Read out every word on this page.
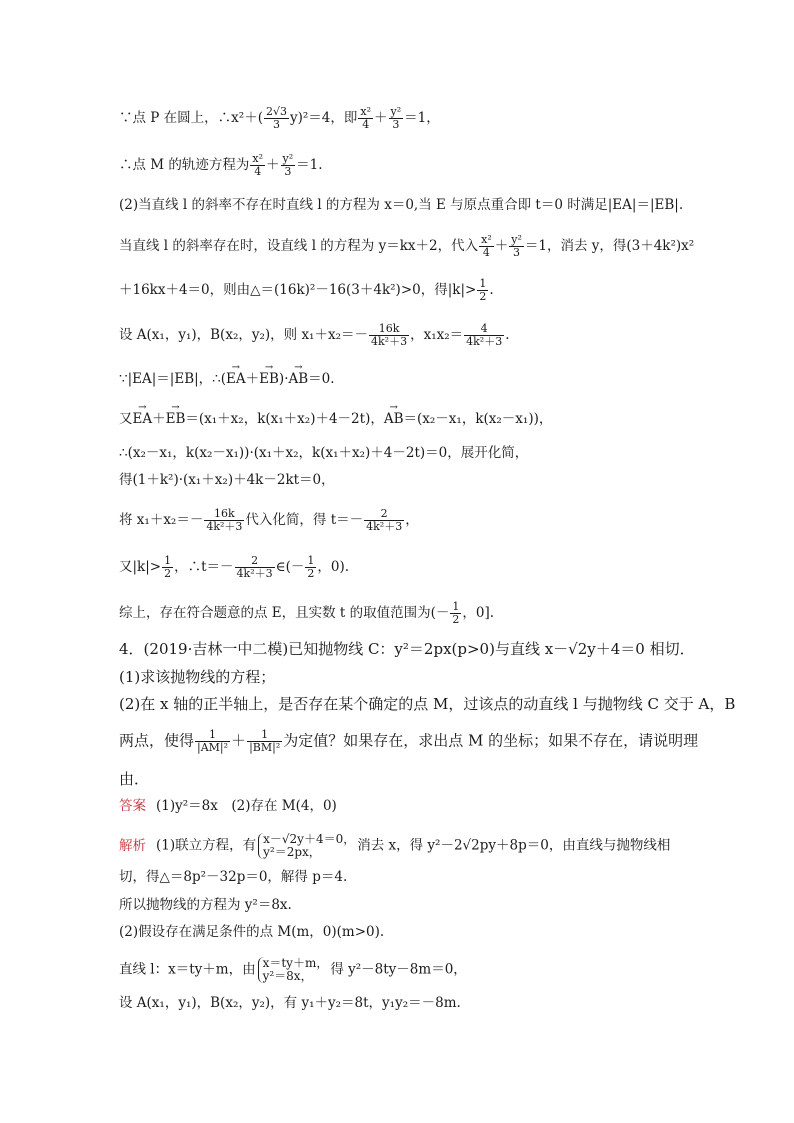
∵点 P 在圆上，∴x²＋( $\frac{2√3}{3} y)^2=4$，即 $\frac{\text{x²}}{4} + \frac{\text{y²}}{3} =1$，
∴点 M 的轨迹方程为 $\frac{\text{x²}}{4} + \frac{\text{y²}}{3} =1$.
(2)当直线 l 的斜率不存在时直线 l 的方程为 x＝0,当 E 与原点重合即 t＝0 时满足|EA|＝|EB|.
当直线 l 的斜率存在时，设直线 l 的方程为 y＝kx＋2，代入 $\frac{\text{x²}}{4} + \frac{\text{y²}}{3} =1$，消去 y，得(3＋4k²)x²
＋16kx＋4＝0，则由△＝(16k)²－16(3＋4k²)>0，得$|k|> \frac{1}{2}$ .
设 A(x₁，y₁)，B(x₂，y₂)，则 $x_1+x_2=- \frac{16k}{\text{4k²＋3}}$ ，$x_1x_2= \frac{4}{\text{4k²＋3}}$ .
∵|EA|＝|EB|，∴(→ EA＋→ EB)·→ AB＝0.
又→ EA＋→ EB＝(x₁＋x₂，k(x₁＋x₂)＋4－2t)，→ AB＝(x₂－x₁，k(x₂－x₁))，
∴(x₂－x₁，k(x₂－x₁))·(x₁＋x₂，k(x₁＋x₂)＋4－2t)＝0，展开化简，
得(1＋k²)·(x₁＋x₂)＋4k－2kt＝0，
将 $x_1+x_2=- \frac{16k}{\text{4k²＋3}}$ 代入化简，得 $t=- \frac{2}{\text{4k²＋3}}$ ，
又$|k|> \frac{1}{2}$ ，∴t＝－ $\frac{2}{\text{4k²＋3}}$ ∈(－ $\frac{1}{2}$ ，0).
综上，存在符合题意的点 E，且实数 t 的取值范围为(－ $\frac{1}{2}$ ，0].
4．(2019·吉林一中二模)已知抛物线 C：y²＝2px(p>0)与直线 x－√2y＋4＝0 相切．
(1)求该抛物线的方程；
(2)在 x 轴的正半轴上，是否存在某个确定的点 M，过该点的动直线 l 与抛物线 C 交于 A，B
两点，使得 $\frac{1}{\text{|AM|²}} + \frac{1}{\text{|BM|²}}$ 为定值？如果存在，求出点 M 的坐标；如果不存在，请说明理
由．
答案 (1)y²＝8x　(2)存在 M(4，0)
解析 (1)联立方程，有 x－√2y＋4＝0，
y²＝2px，	消去 x，得 y²－2√2py＋8p＝0，由直线与抛物线相
切，得△＝8p²－32p＝0，解得 p＝4.
所以抛物线的方程为 y²＝8x.
(2)假设存在满足条件的点 M(m，0)(m>0).
直线 l：x＝ty＋m，由 x＝ty＋m，
y²＝8x，	得 y²－8ty－8m＝0，
设 A(x₁，y₁)，B(x₂，y₂)，有 y₁＋y₂＝8t，y₁y₂＝－8m.
